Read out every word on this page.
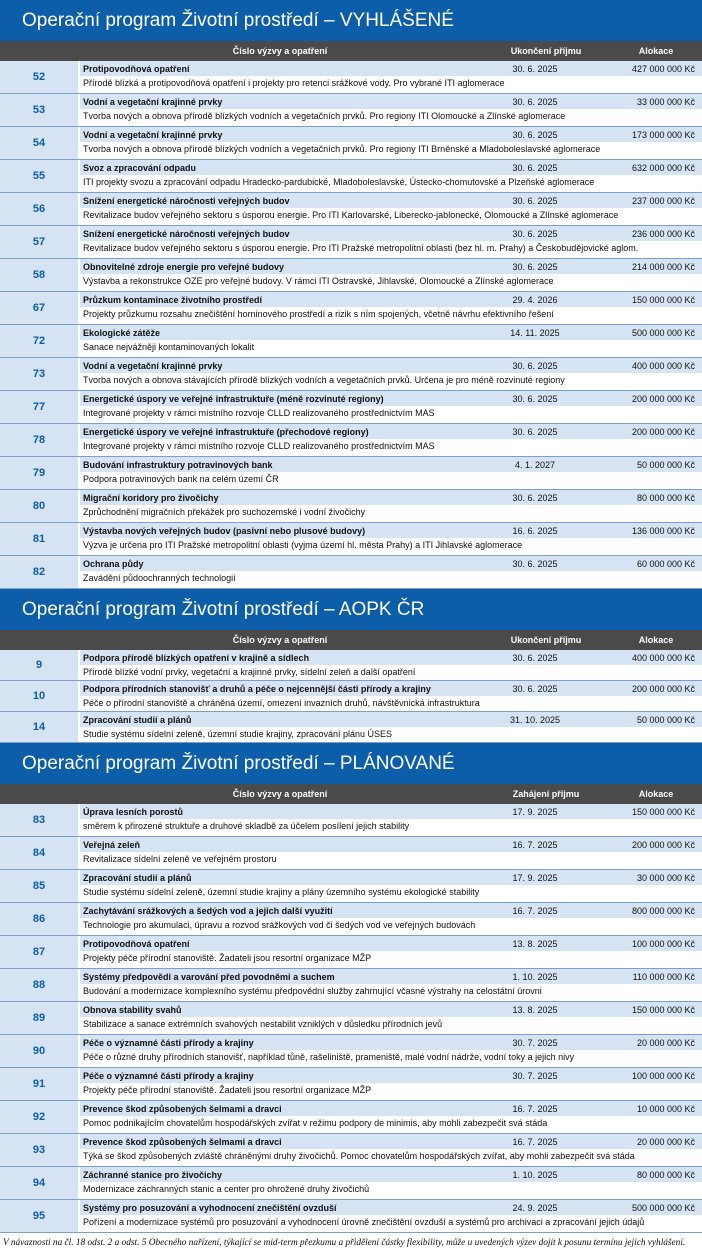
Operační program Životní prostředí – VYHLÁŠENÉ
Číslo výzvy a opatření	Ukončení příjmu	Alokace
52
Protipovodňová opatření	30. 6. 2025	427 000 000 Kč
Přírodě blízká a protipovodňová opatření i projekty pro retenci srážkové vody. Pro vybrané ITI aglomerace
53
Vodní a vegetační krajinné prvky	30. 6. 2025	33 000 000 Kč
Tvorba nových a obnova přírodě blízkých vodních a vegetačních prvků. Pro regiony ITI Olomoucké a Zlínské aglomerace
54
Vodní a vegetační krajinné prvky	30. 6. 2025	173 000 000 Kč
Tvorba nových a obnova přírodě blízkých vodních a vegetačních prvků. Pro regiony ITI Brněnské a Mladoboleslavské aglomerace
55
Svoz a zpracování odpadu	30. 6. 2025	632 000 000 Kč
ITI projekty svozu a zpracování odpadu Hradecko-pardubické, Mladoboleslavské, Ústecko-chomutovské a Plzeňské aglomerace
56
Snížení energetické náročnosti veřejných budov	30. 6. 2025	237 000 000 Kč
Revitalizace budov veřejného sektoru s úsporou energie. Pro ITI Karlovarské, Liberecko-jablonecké, Olomoucké a Zlínské aglomerace
57
Snížení energetické náročnosti veřejných budov	30. 6. 2025	236 000 000 Kč
Revitalizace budov veřejného sektoru s úsporou energie. Pro ITI Pražské metropolitní oblasti (bez hl. m. Prahy) a Českobudějovické aglom.
58
Obnovitelné zdroje energie pro veřejné budovy	30. 6. 2025	214 000 000 Kč
Výstavba a rekonstrukce OZE pro veřejné budovy. V rámci ITI Ostravské, Jihlavské, Olomoucké a Zlínské aglomerace
67
Průzkum kontaminace životního prostředí	29. 4. 2026	150 000 000 Kč
Projekty průzkumu rozsahu znečištění horninového prostředí a rizik s ním spojených, včetně návrhu efektivního řešení
72
Ekologické zátěže	14. 11. 2025	500 000 000 Kč
Sanace nejvážněji kontaminovaných lokalit
73
Vodní a vegetační krajinné prvky	30. 6. 2025	400 000 000 Kč
Tvorba nových a obnova stávajících přírodě blízkých vodních a vegetačních prvků. Určena je pro méně rozvinuté regiony
77
Energetické úspory ve veřejné infrastruktuře (méně rozvinuté regiony)	30. 6. 2025	200 000 000 Kč
Integrované projekty v rámci místního rozvoje CLLD realizovaného prostřednictvím MAS
78
Energetické úspory ve veřejné infrastruktuře (přechodové regiony)	30. 6. 2025	200 000 000 Kč
Integrované projekty v rámci místního rozvoje CLLD realizovaného prostřednictvím MAS
79
Budování infrastruktury potravinových bank	4. 1. 2027	50 000 000 Kč
Podpora potravinových bank na celém území ČR
80
Migrační koridory pro živočichy	30. 6. 2025	80 000 000 Kč
Zprůchodnění migračních překážek pro suchozemské i vodní živočichy
81
Výstavba nových veřejných budov (pasivní nebo plusové budovy)	16. 6. 2025	136 000 000 Kč
Výzva je určena pro ITI Pražské metropolitní oblasti (vyjma území hl. města Prahy) a ITI Jihlavské aglomerace
82
Ochrana půdy	30. 6. 2025	60 000 000 Kč
Zavádění půdoochranných technologií
Operační program Životní prostředí – AOPK ČR
Číslo výzvy a opatření	Ukončení příjmu	Alokace
9
Podpora přírodě blízkých opatření v krajině a sídlech	30. 6. 2025	400 000 000 Kč
Přírodě blízké vodní prvky, vegetační a krajinné prvky, sídelní zeleň a další opatření
10
Podpora přírodních stanovišť a druhů a péče o nejcennější části přírody a krajiny	30. 6. 2025	200 000 000 Kč
Péče o přírodní stanoviště a chráněná území, omezení invazních druhů, návštěvnická infrastruktura
14
Zpracování studií a plánů	31. 10. 2025	50 000 000 Kč
Studie systému sídelní zeleně, územní studie krajiny, zpracování plánu ÚSES
Operační program Životní prostředí – PLÁNOVANÉ
Číslo výzvy a opatření	Zahájení příjmu	Alokace
83
Úprava lesních porostů	17. 9. 2025	150 000 000 Kč
směrem k přirozené struktuře a druhové skladbě za účelem posílení jejich stability
84
Veřejná zeleň	16. 7. 2025	200 000 000 Kč
Revitalizace sídelní zeleně ve veřejném prostoru
85
Zpracování studií a plánů	17. 9. 2025	30 000 000 Kč
Studie systému sídelní zeleně, územní studie krajiny a plány územního systému ekologické stability
86
Zachytávání srážkových a šedých vod a jejich další využití	16. 7. 2025	800 000 000 Kč
Technologie pro akumulaci, úpravu a rozvod srážkových vod či šedých vod ve veřejných budovách
87
Protipovodňová opatření	13. 8. 2025	100 000 000 Kč
Projekty péče přírodní stanoviště. Žadateli jsou resortní organizace MŽP
88
Systémy předpovědi a varování před povodněmi a suchem	1. 10. 2025	110 000 000 Kč
Budování a modernizace komplexního systému předpovědní služby zahrnující včasné výstrahy na celostátní úrovni
89
Obnova stability svahů	13. 8. 2025	150 000 000 Kč
Stabilizace a sanace extrémních svahových nestabilit vzniklých v důsledku přírodních jevů
90
Péče o významné části přírody a krajiny	30. 7. 2025	20 000 000 Kč
Péče o různé druhy přírodních stanovišť, například tůně, rašeliniště, prameniště, malé vodní nádrže, vodní toky a jejich nivy
91
Péče o významné části přírody a krajiny	30. 7. 2025	100 000 000 Kč
Projekty péče přírodní stanoviště. Žadateli jsou resortní organizace MŽP
92
Prevence škod způsobených šelmami a dravci	16. 7. 2025	10 000 000 Kč
Pomoc podnikajícím chovatelům hospodářských zvířat v režimu podpory de minimis, aby mohli zabezpečit svá stáda
93
Prevence škod způsobených šelmami a dravci	16. 7. 2025	20 000 000 Kč
Týká se škod způsobených zvláště chráněnými druhy živočichů. Pomoc chovatelům hospodářských zvířat, aby mohli zabezpečit svá stáda
94
Záchranné stanice pro živočichy	1. 10. 2025	80 000 000 Kč
Modernizace záchranných stanic a center pro ohrožené druhy živočichů
95
Systémy pro posuzování a vyhodnocení znečištění ovzduší	24. 9. 2025	500 000 000 Kč
Pořízení a modernizace systémů pro posuzování a vyhodnocení úrovně znečištění ovzduší a systémů pro archivaci a zpracování jejich údajů
V návaznosti na čl. 18 odst. 2 a odst. 5 Obecného nařízení, týkající se mid-term přezkumu a přidělení částky flexibility, může u uvedených výzev dojít k posunu termínu jejich vyhlášení.
